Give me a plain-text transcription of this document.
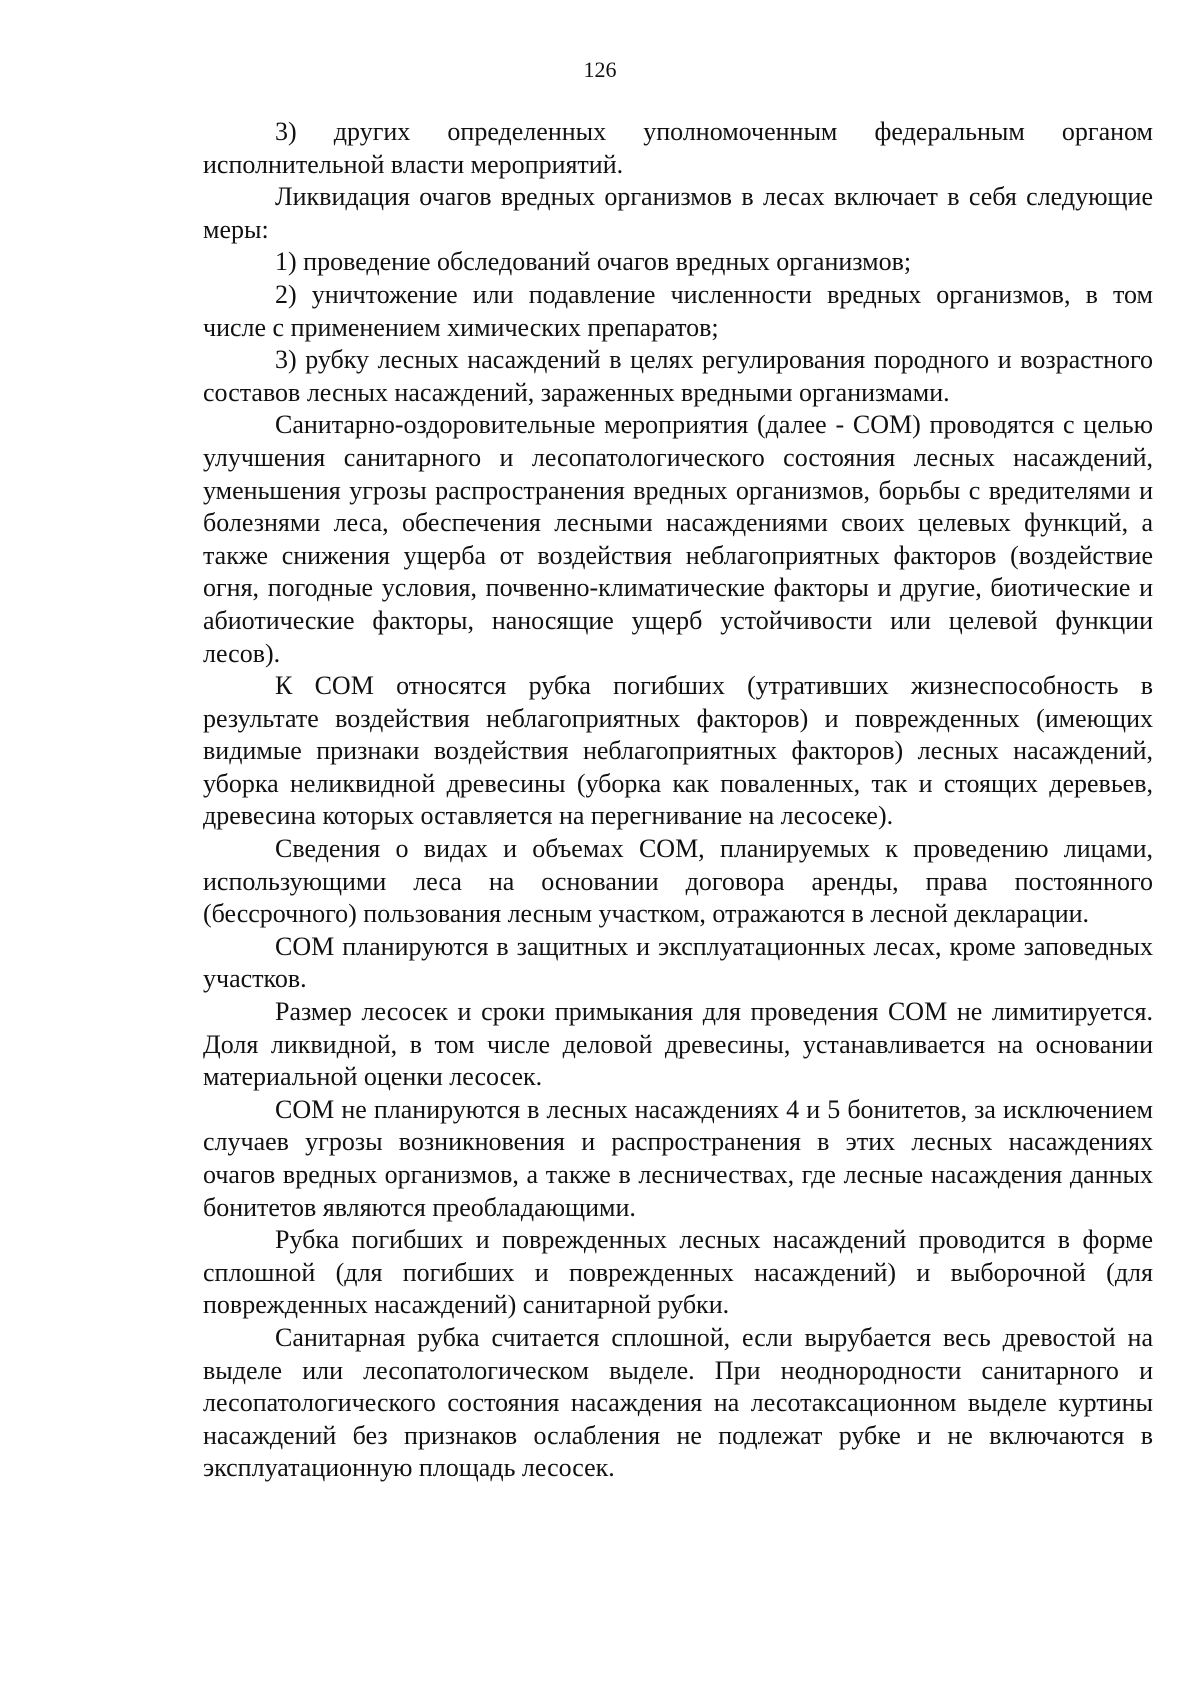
126

3) других определенных уполномоченным федеральным органом исполнительной власти мероприятий.

Ликвидация очагов вредных организмов в лесах включает в себя следующие меры:

1) проведение обследований очагов вредных организмов;

2) уничтожение или подавление численности вредных организмов, в том числе с применением химических препаратов;

3) рубку лесных насаждений в целях регулирования породного и возрастного составов лесных насаждений, зараженных вредными организмами.

Санитарно-оздоровительные мероприятия (далее - СОМ) проводятся с целью улучшения санитарного и лесопатологического состояния лесных насаждений, уменьшения угрозы распространения вредных организмов, борьбы с вредителями и болезнями леса, обеспечения лесными насаждениями своих целевых функций, а также снижения ущерба от воздействия неблагоприятных факторов (воздействие огня, погодные условия, почвенно-климатические факторы и другие, биотические и абиотические факторы, наносящие ущерб устойчивости или целевой функции лесов).

К СОМ относятся рубка погибших (утративших жизнеспособность в результате воздействия неблагоприятных факторов) и поврежденных (имеющих видимые признаки воздействия неблагоприятных факторов) лесных насаждений, уборка неликвидной древесины (уборка как поваленных, так и стоящих деревьев, древесина которых оставляется на перегнивание на лесосеке).

Сведения о видах и объемах СОМ, планируемых к проведению лицами, использующими леса на основании договора аренды, права постоянного (бессрочного) пользования лесным участком, отражаются в лесной декларации.

СОМ планируются в защитных и эксплуатационных лесах, кроме заповедных участков.

Размер лесосек и сроки примыкания для проведения СОМ не лимитируется. Доля ликвидной, в том числе деловой древесины, устанавливается на основании материальной оценки лесосек.

СОМ не планируются в лесных насаждениях 4 и 5 бонитетов, за исключением случаев угрозы возникновения и распространения в этих лесных насаждениях очагов вредных организмов, а также в лесничествах, где лесные насаждения данных бонитетов являются преобладающими.

Рубка погибших и поврежденных лесных насаждений проводится в форме сплошной (для погибших и поврежденных насаждений) и выборочной (для поврежденных насаждений) санитарной рубки.

Санитарная рубка считается сплошной, если вырубается весь древостой на выделе или лесопатологическом выделе. При неоднородности санитарного и лесопатологического состояния насаждения на лесотаксационном выделе куртины насаждений без признаков ослабления не подлежат рубке и не включаются в эксплуатационную площадь лесосек.
